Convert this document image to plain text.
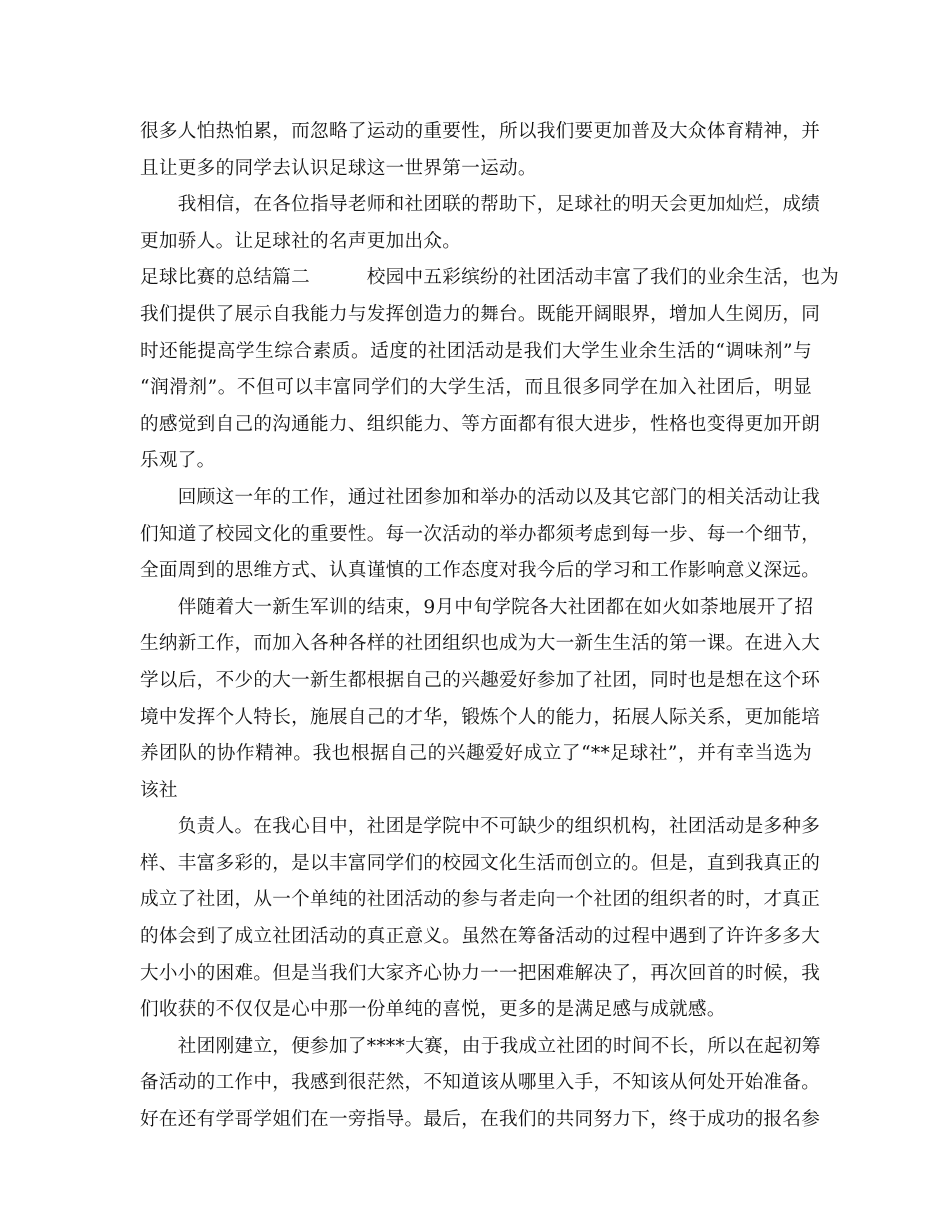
很多人怕热怕累，而忽略了运动的重要性，所以我们要更加普及大众体育精神，并
且让更多的同学去认识足球这一世界第一运动。
　　我相信，在各位指导老师和社团联的帮助下，足球社的明天会更加灿烂，成绩
更加骄人。让足球社的名声更加出众。
足球比赛的总结篇二　　　校园中五彩缤纷的社团活动丰富了我们的业余生活，也为
我们提供了展示自我能力与发挥创造力的舞台。既能开阔眼界，增加人生阅历，同
时还能提高学生综合素质。适度的社团活动是我们大学生业余生活的“调味剂”与
“润滑剂”。不但可以丰富同学们的大学生活，而且很多同学在加入社团后，明显
的感觉到自己的沟通能力、组织能力、等方面都有很大进步，性格也变得更加开朗
乐观了。
　　回顾这一年的工作，通过社团参加和举办的活动以及其它部门的相关活动让我
们知道了校园文化的重要性。每一次活动的举办都须考虑到每一步、每一个细节，
全面周到的思维方式、认真谨慎的工作态度对我今后的学习和工作影响意义深远。
　　伴随着大一新生军训的结束，9月中旬学院各大社团都在如火如荼地展开了招
生纳新工作，而加入各种各样的社团组织也成为大一新生生活的第一课。在进入大
学以后，不少的大一新生都根据自己的兴趣爱好参加了社团，同时也是想在这个环
境中发挥个人特长，施展自己的才华，锻炼个人的能力，拓展人际关系，更加能培
养团队的协作精神。我也根据自己的兴趣爱好成立了“**足球社”，并有幸当选为
该社
　　负责人。在我心目中，社团是学院中不可缺少的组织机构，社团活动是多种多
样、丰富多彩的，是以丰富同学们的校园文化生活而创立的。但是，直到我真正的
成立了社团，从一个单纯的社团活动的参与者走向一个社团的组织者的时，才真正
的体会到了成立社团活动的真正意义。虽然在筹备活动的过程中遇到了许许多多大
大小小的困难。但是当我们大家齐心协力一一把困难解决了，再次回首的时候，我
们收获的不仅仅是心中那一份单纯的喜悦，更多的是满足感与成就感。
　　社团刚建立，便参加了****大赛，由于我成立社团的时间不长，所以在起初筹
备活动的工作中，我感到很茫然，不知道该从哪里入手，不知该从何处开始准备。
好在还有学哥学姐们在一旁指导。最后，在我们的共同努力下，终于成功的报名参
